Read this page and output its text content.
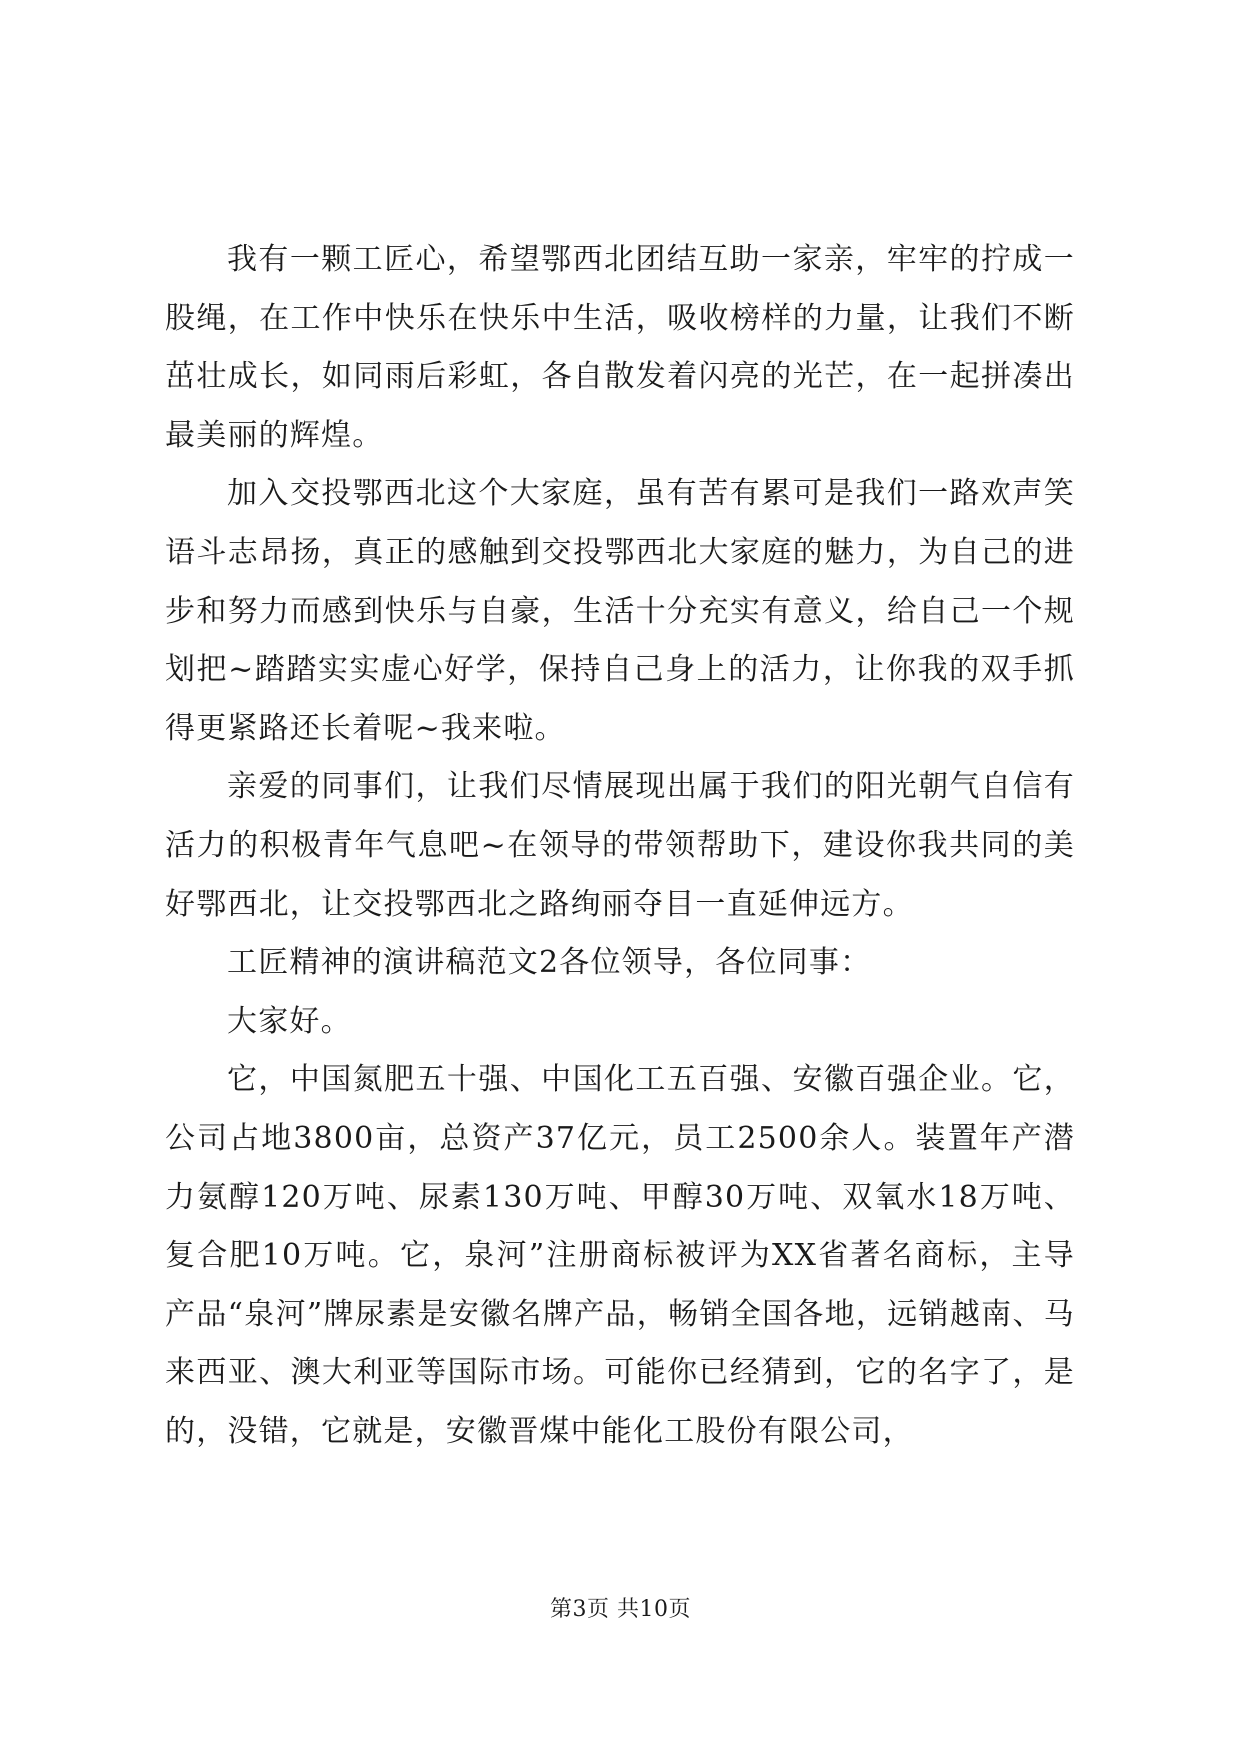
我有一颗工匠心，希望鄂西北团结互助一家亲，牢牢的拧成一股绳，在工作中快乐在快乐中生活，吸收榜样的力量，让我们不断茁壮成长，如同雨后彩虹，各自散发着闪亮的光芒，在一起拼凑出最美丽的辉煌。

加入交投鄂西北这个大家庭，虽有苦有累可是我们一路欢声笑语斗志昂扬，真正的感触到交投鄂西北大家庭的魅力，为自己的进步和努力而感到快乐与自豪，生活十分充实有意义，给自己一个规划把~踏踏实实虚心好学，保持自己身上的活力，让你我的双手抓得更紧路还长着呢~我来啦。

亲爱的同事们，让我们尽情展现出属于我们的阳光朝气自信有活力的积极青年气息吧~在领导的带领帮助下，建设你我共同的美好鄂西北，让交投鄂西北之路绚丽夺目一直延伸远方。

工匠精神的演讲稿范文2各位领导，各位同事：

大家好。

它，中国氮肥五十强、中国化工五百强、安徽百强企业。它，公司占地3800亩，总资产37亿元，员工2500余人。装置年产潜力氨醇120万吨、尿素130万吨、甲醇30万吨、双氧水18万吨、复合肥10万吨。它，泉河”注册商标被评为XX省著名商标，主导产品“泉河”牌尿素是安徽名牌产品，畅销全国各地，远销越南、马来西亚、澳大利亚等国际市场。可能你已经猜到，它的名字了，是的，没错，它就是，安徽晋煤中能化工股份有限公司，

第3页 共10页
